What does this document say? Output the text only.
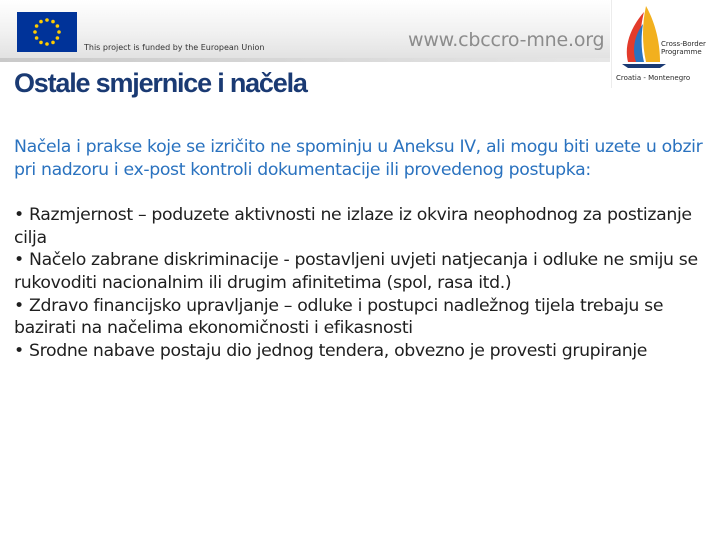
This project is funded by the European Union	www.cbccro-mne.org	Cross-Border Programme
Croatia - Montenegro
Ostale smjernice i načela

Načela i prakse koje se izričito ne spominju u Aneksu IV, ali mogu biti uzete u obzir pri nadzoru i ex-post kontroli dokumentacije ili provedenog postupka:

• Razmjernost – poduzete aktivnosti ne izlaze iz okvira neophodnog za postizanje cilja
• Načelo zabrane diskriminacije - postavljeni uvjeti natjecanja i odluke ne smiju se rukovoditi nacionalnim ili drugim afinitetima (spol, rasa itd.)
• Zdravo financijsko upravljanje – odluke i postupci nadležnog tijela trebaju se bazirati na načelima ekonomičnosti i efikasnosti
• Srodne nabave postaju dio jednog tendera, obvezno je provesti grupiranje
